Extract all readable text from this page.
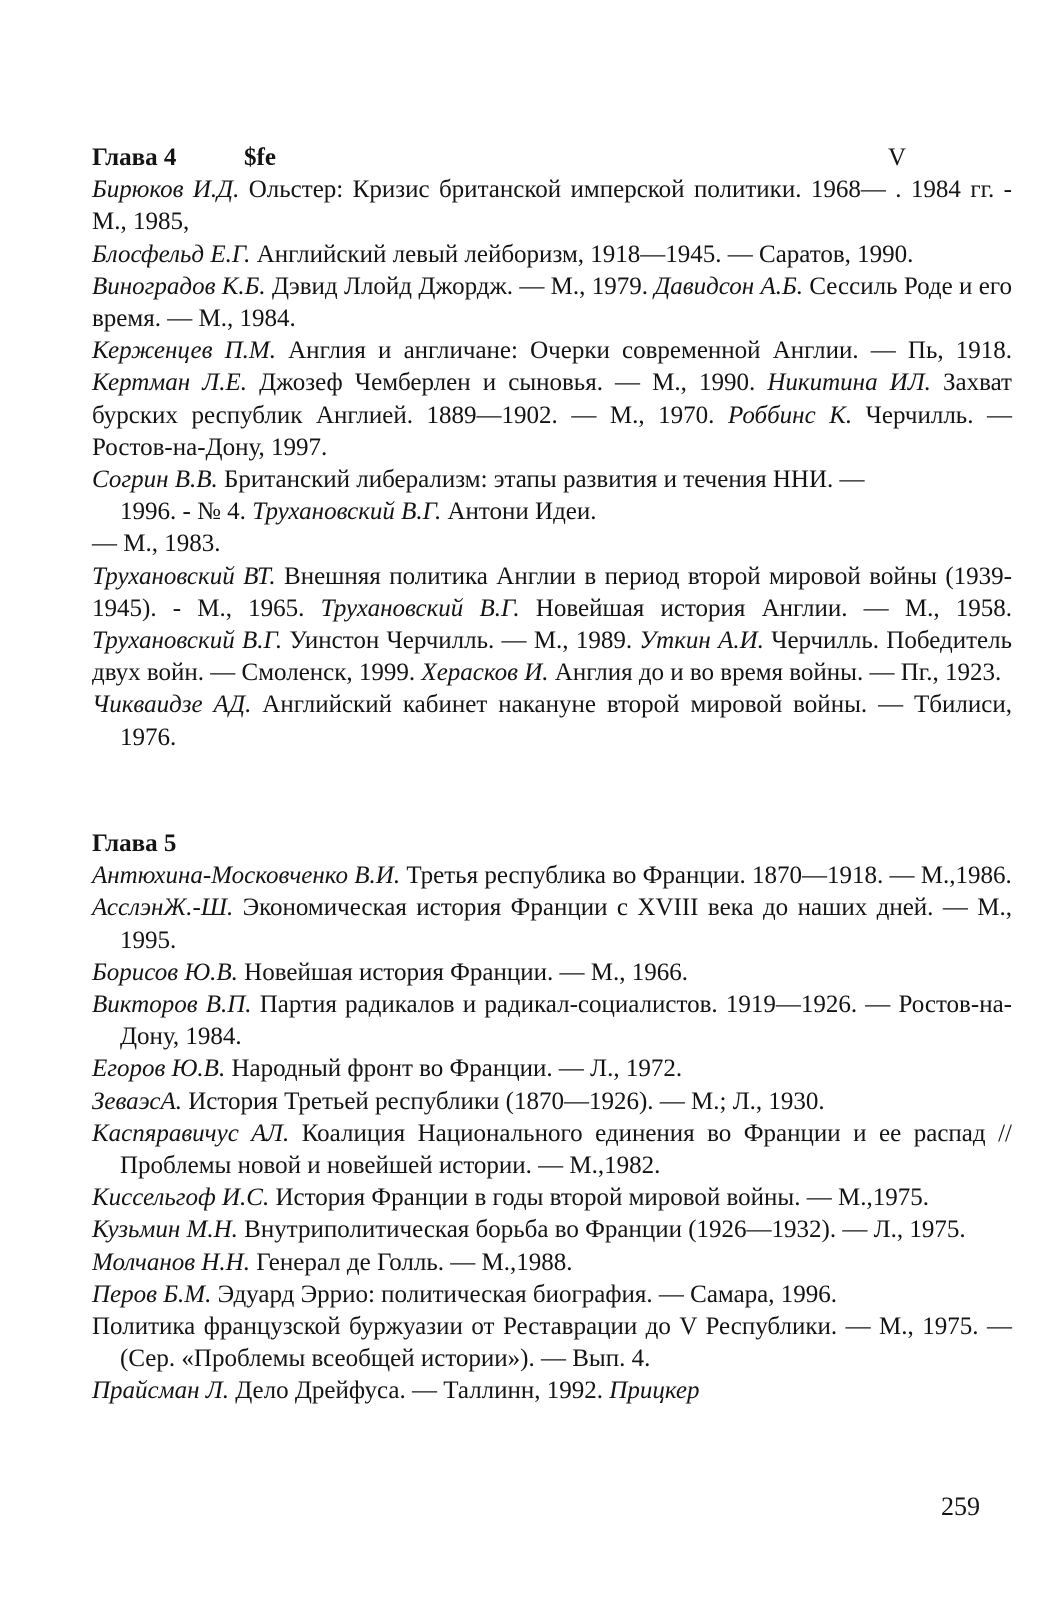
Глава 4	$fe	V
Бирюков И.Д. Ольстер: Кризис британской имперской политики. 1968— . 1984 гг. - М., 1985,
Блосфельд Е.Г. Английский левый лейборизм, 1918—1945. — Саратов, 1990.
Виноградов К.Б. Дэвид Ллойд Джордж. — М., 1979. Давидсон А.Б. Сессиль Роде и его время. — М., 1984.
Керженцев П.М. Англия и англичане: Очерки современной Англии. — Пь, 1918. Кертман Л.Е. Джозеф Чемберлен и сыновья. — М., 1990. Никитина ИЛ. Захват бурских республик Англией. 1889—1902. — М., 1970. Роббинс К. Черчилль. — Ростов-на-Дону, 1997.
Согрин В.В. Британский либерализм: этапы развития и течения ННИ. —
1996. - № 4. Трухановский В.Г. Антони Идеи.
— М., 1983.
Трухановский ВТ. Внешняя политика Англии в период второй мировой войны (1939-1945). - М., 1965. Трухановский В.Г. Новейшая история Англии. — М., 1958. Трухановский В.Г. Уинстон Черчилль. — М., 1989. Уткин А.И. Черчилль. Победитель двух войн. — Смоленск, 1999. Херасков И. Англия до и во время войны. — Пг., 1923.
Чикваидзе АД. Английский кабинет накануне второй мировой войны. — Тбилиси, 1976.
Глава 5
Антюхина-Московченко В.И. Третья республика во Франции. 1870—1918. — М.,1986.
АсслэнЖ.-Ш. Экономическая история Франции с XVIII века до наших дней. — М., 1995.
Борисов Ю.В. Новейшая история Франции. — М., 1966.
Викторов В.П. Партия радикалов и радикал-социалистов. 1919—1926. — Ростов-на-Дону, 1984.
Егоров Ю.В. Народный фронт во Франции. — Л., 1972.
ЗеваэсА. История Третьей республики (1870—1926). — М.; Л., 1930.
Каспяравичус АЛ. Коалиция Национального единения во Франции и ее распад // Проблемы новой и новейшей истории. — М.,1982.
Киссельгоф И.С. История Франции в годы второй мировой войны. — М.,1975.
Кузьмин М.Н. Внутриполитическая борьба во Франции (1926—1932). — Л., 1975.
Молчанов Н.Н. Генерал де Голль. — М.,1988.
Перов Б.М. Эдуард Эррио: политическая биография. — Самара, 1996.
Политика французской буржуазии от Реставрации до V Республики. — М., 1975. — (Сер. «Проблемы всеобщей истории»). — Вып. 4.
Прайсман Л. Дело Дрейфуса. — Таллинн, 1992. Прицкер
259
